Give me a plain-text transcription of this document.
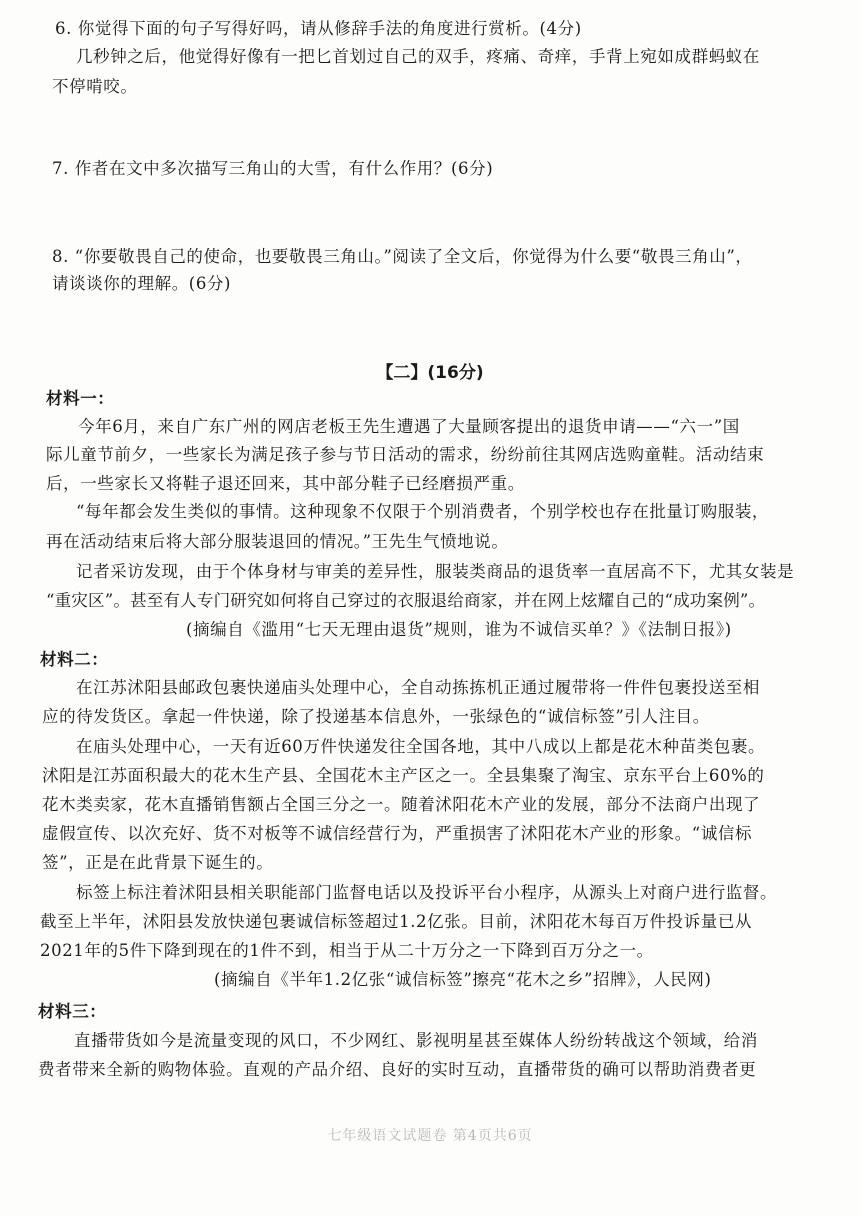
6. 你觉得下面的句子写得好吗，请从修辞手法的角度进行赏析。(4分)
几秒钟之后，他觉得好像有一把匕首划过自己的双手，疼痛、奇痒，手背上宛如成群蚂蚁在
不停啃咬。
7. 作者在文中多次描写三角山的大雪，有什么作用？(6分)
8. “你要敬畏自己的使命，也要敬畏三角山。”阅读了全文后，你觉得为什么要“敬畏三角山”，
请谈谈你的理解。(6分)
【二】(16分)
材料一：
今年6月，来自广东广州的网店老板王先生遭遇了大量顾客提出的退货申请——“六一”国
际儿童节前夕，一些家长为满足孩子参与节日活动的需求，纷纷前往其网店选购童鞋。活动结束
后，一些家长又将鞋子退还回来，其中部分鞋子已经磨损严重。
“每年都会发生类似的事情。这种现象不仅限于个别消费者，个别学校也存在批量订购服装，
再在活动结束后将大部分服装退回的情况。”王先生气愤地说。
记者采访发现，由于个体身材与审美的差异性，服装类商品的退货率一直居高不下，尤其女装是
“重灾区”。甚至有人专门研究如何将自己穿过的衣服退给商家，并在网上炫耀自己的“成功案例”。
(摘编自《滥用“七天无理由退货”规则，谁为不诚信买单？》《法制日报》)
材料二：
在江苏沭阳县邮政包裹快递庙头处理中心，全自动拣拣机正通过履带将一件件包裹投送至相
应的待发货区。拿起一件快递，除了投递基本信息外，一张绿色的“诚信标签”引人注目。
在庙头处理中心，一天有近60万件快递发往全国各地，其中八成以上都是花木种苗类包裹。
沭阳是江苏面积最大的花木生产县、全国花木主产区之一。全县集聚了淘宝、京东平台上60%的
花木类卖家，花木直播销售额占全国三分之一。随着沭阳花木产业的发展，部分不法商户出现了
虚假宣传、以次充好、货不对板等不诚信经营行为，严重损害了沭阳花木产业的形象。“诚信标
签”，正是在此背景下诞生的。
标签上标注着沭阳县相关职能部门监督电话以及投诉平台小程序，从源头上对商户进行监督。
截至上半年，沭阳县发放快递包裹诚信标签超过1.2亿张。目前，沭阳花木每百万件投诉量已从
2021年的5件下降到现在的1件不到，相当于从二十万分之一下降到百万分之一。
(摘编自《半年1.2亿张“诚信标签”擦亮“花木之乡”招牌》，人民网)
材料三：
直播带货如今是流量变现的风口，不少网红、影视明星甚至媒体人纷纷转战这个领域，给消
费者带来全新的购物体验。直观的产品介绍、良好的实时互动，直播带货的确可以帮助消费者更
七年级语文试题卷 第4页共6页
